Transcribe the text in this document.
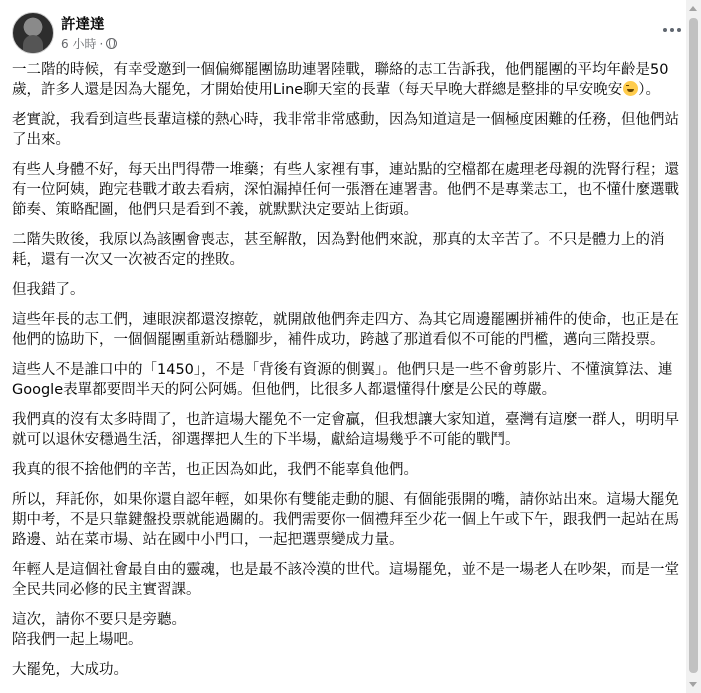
許達達
6 小時 ·

一二階的時候，有幸受邀到一個偏鄉罷團協助連署陸戰，聯絡的志工告訴我，他們罷團的平均年齡是50歲，許多人還是因為大罷免，才開始使用Line聊天室的長輩（每天早晚大群總是整排的早安晚安 ）。

老實說，我看到這些長輩這樣的熱心時，我非常非常感動，因為知道這是一個極度困難的任務，但他們站了出來。

有些人身體不好，每天出門得帶一堆藥；有些人家裡有事，連站點的空檔都在處理老母親的洗腎行程；還有一位阿姨，跑完巷戰才敢去看病，深怕漏掉任何一張潛在連署書。他們不是專業志工，也不懂什麼選戰節奏、策略配圖，他們只是看到不義，就默默決定要站上街頭。

二階失敗後，我原以為該團會喪志，甚至解散，因為對他們來說，那真的太辛苦了。不只是體力上的消耗，還有一次又一次被否定的挫敗。

但我錯了。

這些年長的志工們，連眼淚都還沒擦乾，就開啟他們奔走四方、為其它周邊罷團拼補件的使命，也正是在他們的協助下，一個個罷團重新站穩腳步，補件成功，跨越了那道看似不可能的門檻，邁向三階投票。

這些人不是誰口中的「1450」，不是「背後有資源的側翼」。他們只是一些不會剪影片、不懂演算法、連Google表單都要問半天的阿公阿媽。但他們，比很多人都還懂得什麼是公民的尊嚴。

我們真的沒有太多時間了，也許這場大罷免不一定會贏，但我想讓大家知道，臺灣有這麼一群人，明明早就可以退休安穩過生活，卻選擇把人生的下半場，獻給這場幾乎不可能的戰鬥。

我真的很不捨他們的辛苦，也正因為如此，我們不能辜負他們。

所以，拜託你，如果你還自認年輕，如果你有雙能走動的腿、有個能張開的嘴，請你站出來。這場大罷免期中考，不是只靠鍵盤投票就能過關的。我們需要你一個禮拜至少花一個上午或下午，跟我們一起站在馬路邊、站在菜市場、站在國中小門口，一起把選票變成力量。

年輕人是這個社會最自由的靈魂，也是最不該冷漠的世代。這場罷免，並不是一場老人在吵架，而是一堂全民共同必修的民主實習課。

這次，請你不要只是旁聽。

陪我們一起上場吧。

大罷免，大成功。
